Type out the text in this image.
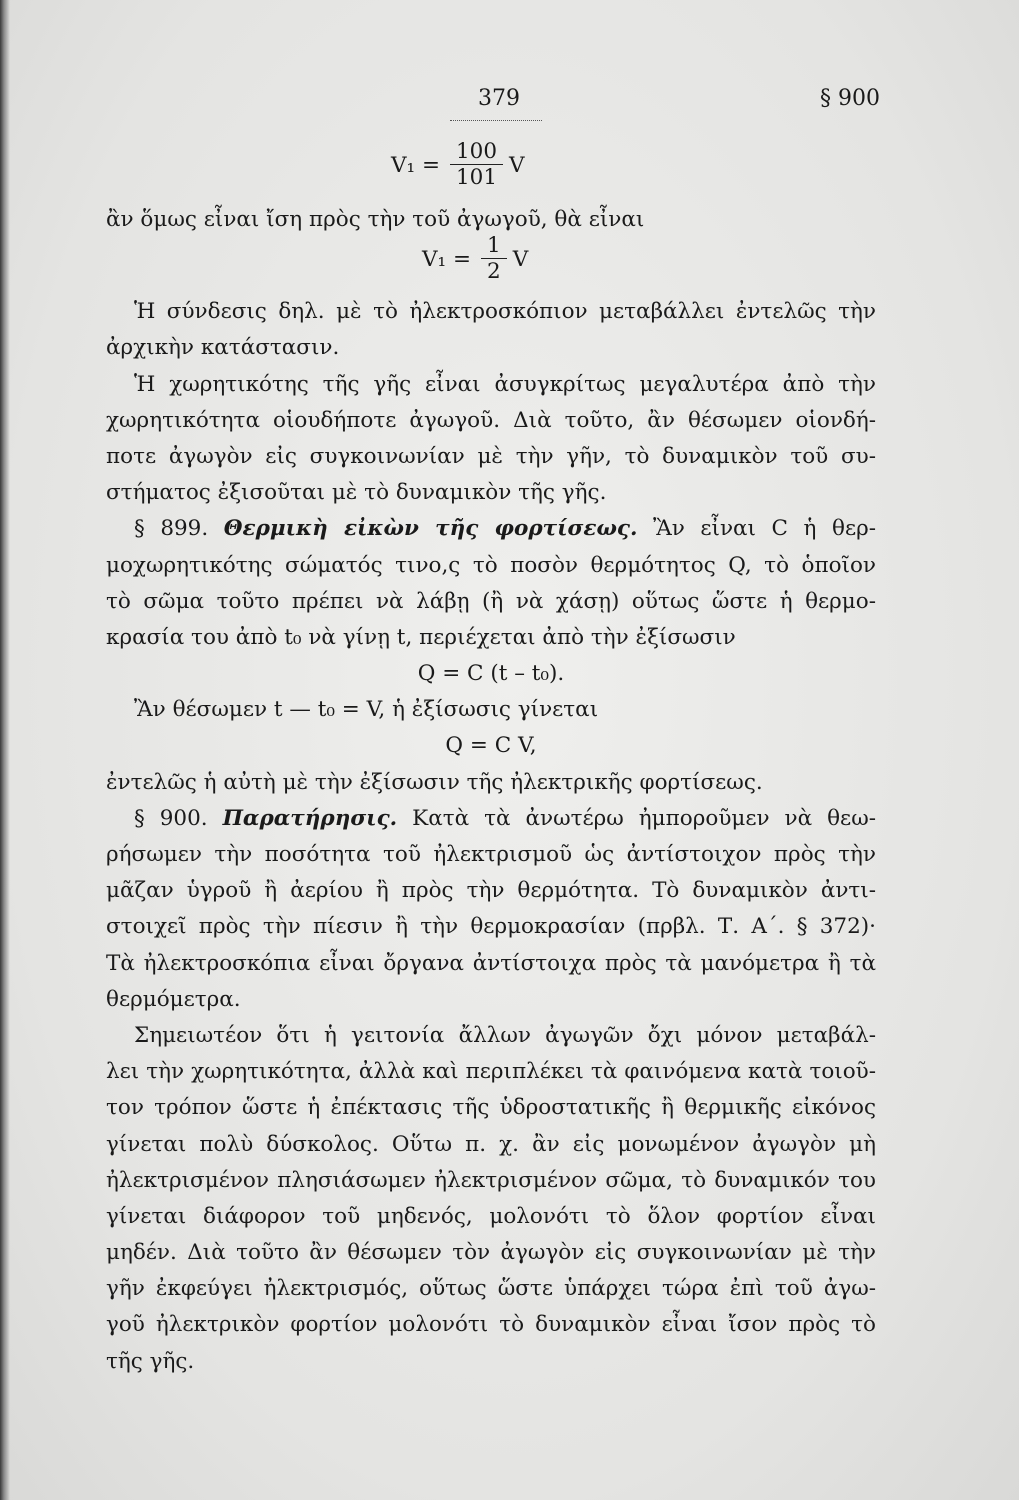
379	§ 900
$V_1 = \frac{100}{101}$ V
ἂν ὅμως εἶναι ἴση πρὸς τὴν τοῦ ἀγωγοῦ, θὰ εἶναι
$V_1 = \frac{1}{2}$ V
Ἡ σύνδεσις δηλ. μὲ τὸ ἠλεκτροσκόπιον μεταβάλλει ἐντελῶς τὴν
ἀρχικὴν κατάστασιν.
Ἡ χωρητικότης τῆς γῆς εἶναι ἀσυγκρίτως μεγαλυτέρα ἀπὸ τὴν
χωρητικότητα οἱουδήποτε ἀγωγοῦ. Διὰ τοῦτο, ἂν θέσωμεν οἱονδή-
ποτε ἀγωγὸν εἰς συγκοινωνίαν μὲ τὴν γῆν, τὸ δυναμικὸν τοῦ συ-
στήματος ἐξισοῦται μὲ τὸ δυναμικὸν τῆς γῆς.
§ 899. Θερμικὴ εἰκὼν τῆς φορτίσεως. Ἂν εἶναι C ἡ θερ-
μοχωρητικότης σώματός τινο,ς τὸ ποσὸν θερμότητος Q, τὸ ὁποῖον
τὸ σῶμα τοῦτο πρέπει νὰ λάβῃ (ἢ νὰ χάσῃ) οὕτως ὥστε ἡ θερμο-
κρασία του ἀπὸ t₀ νὰ γίνῃ t, περιέχεται ἀπὸ τὴν ἐξίσωσιν
Q = C (t – t₀).
Ἂν θέσωμεν t — t₀ = V, ἡ ἐξίσωσις γίνεται
Q = C V,
ἐντελῶς ἡ αὐτὴ μὲ τὴν ἐξίσωσιν τῆς ἠλεκτρικῆς φορτίσεως.
§ 900. Παρατήρησις. Κατὰ τὰ ἀνωτέρω ἠμποροῦμεν νὰ θεω-
ρήσωμεν τὴν ποσότητα τοῦ ἠλεκτρισμοῦ ὡς ἀντίστοιχον πρὸς τὴν
μᾶζαν ὑγροῦ ἢ ἀερίου ἢ πρὸς τὴν θερμότητα. Τὸ δυναμικὸν ἀντι-
στοιχεῖ πρὸς τὴν πίεσιν ἢ τὴν θερμοκρασίαν (πρβλ. Τ. Α΄. § 372)·
Τὰ ἠλεκτροσκόπια εἶναι ὄργανα ἀντίστοιχα πρὸς τὰ μανόμετρα ἢ τὰ
θερμόμετρα.
Σημειωτέον ὅτι ἡ γειτονία ἄλλων ἀγωγῶν ὄχι μόνον μεταβάλ-
λει τὴν χωρητικότητα, ἀλλὰ καὶ περιπλέκει τὰ φαινόμενα κατὰ τοιοῦ-
τον τρόπον ὥστε ἡ ἐπέκτασις τῆς ὑδροστατικῆς ἢ θερμικῆς εἰκόνος
γίνεται πολὺ δύσκολος. Οὕτω π. χ. ἂν εἰς μονωμένον ἀγωγὸν μὴ
ἠλεκτρισμένον πλησιάσωμεν ἠλεκτρισμένον σῶμα, τὸ δυναμικόν του
γίνεται διάφορον τοῦ μηδενός, μολονότι τὸ ὅλον φορτίον εἶναι
μηδέν. Διὰ τοῦτο ἂν θέσωμεν τὸν ἀγωγὸν εἰς συγκοινωνίαν μὲ τὴν
γῆν ἐκφεύγει ἠλεκτρισμός, οὕτως ὥστε ὑπάρχει τώρα ἐπὶ τοῦ ἀγω-
γοῦ ἠλεκτρικὸν φορτίον μολονότι τὸ δυναμικὸν εἶναι ἴσον πρὸς τὸ
τῆς γῆς.
